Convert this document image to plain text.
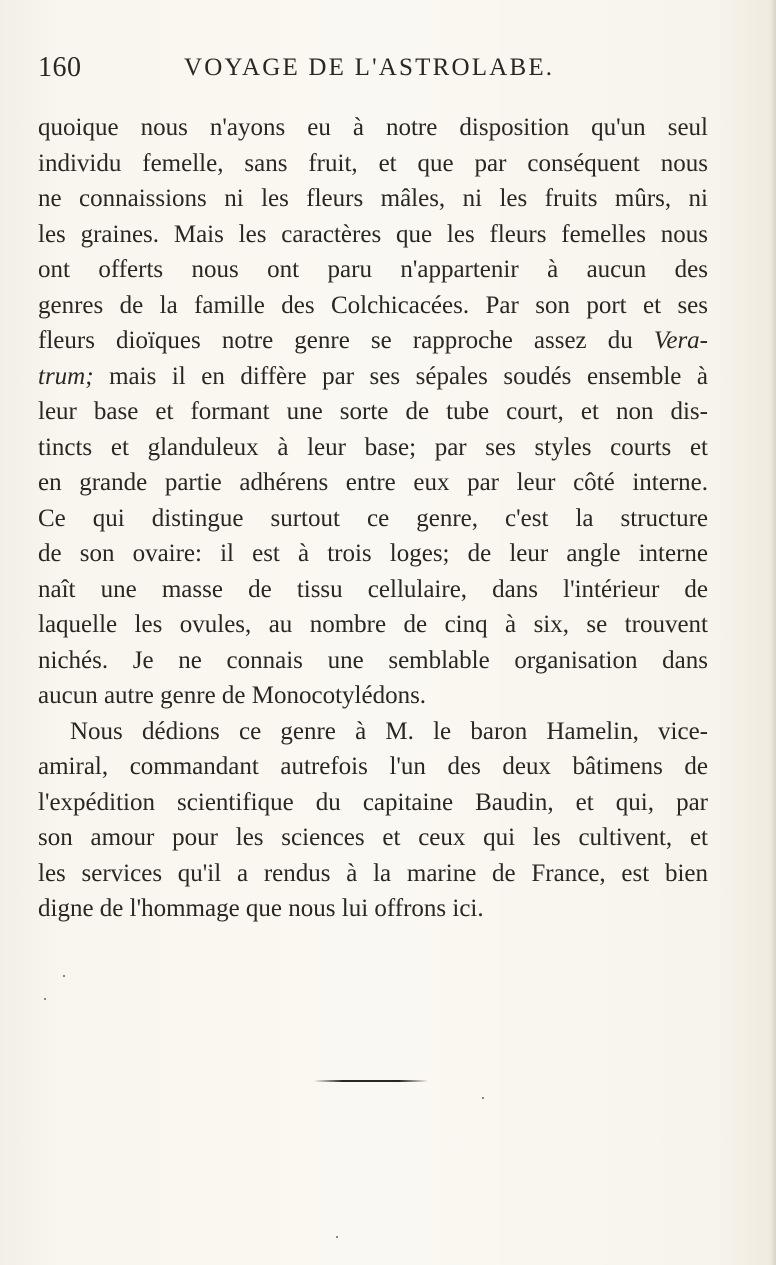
160	VOYAGE DE L'ASTROLABE.
quoique nous n'ayons eu à notre disposition qu'un seul
individu femelle, sans fruit, et que par conséquent nous
ne connaissions ni les fleurs mâles, ni les fruits mûrs, ni
les graines. Mais les caractères que les fleurs femelles nous
ont offerts nous ont paru n'appartenir à aucun des
genres de la famille des Colchicacées. Par son port et ses
fleurs dioïques notre genre se rapproche assez du Vera-
trum; mais il en diffère par ses sépales soudés ensemble à
leur base et formant une sorte de tube court, et non dis-
tincts et glanduleux à leur base; par ses styles courts et
en grande partie adhérens entre eux par leur côté interne.
Ce qui distingue surtout ce genre, c'est la structure
de son ovaire: il est à trois loges; de leur angle interne
naît une masse de tissu cellulaire, dans l'intérieur de
laquelle les ovules, au nombre de cinq à six, se trouvent
nichés. Je ne connais une semblable organisation dans
aucun autre genre de Monocotylédons.
Nous dédions ce genre à M. le baron Hamelin, vice-
amiral, commandant autrefois l'un des deux bâtimens de
l'expédition scientifique du capitaine Baudin, et qui, par
son amour pour les sciences et ceux qui les cultivent, et
les services qu'il a rendus à la marine de France, est bien
digne de l'hommage que nous lui offrons ici.
